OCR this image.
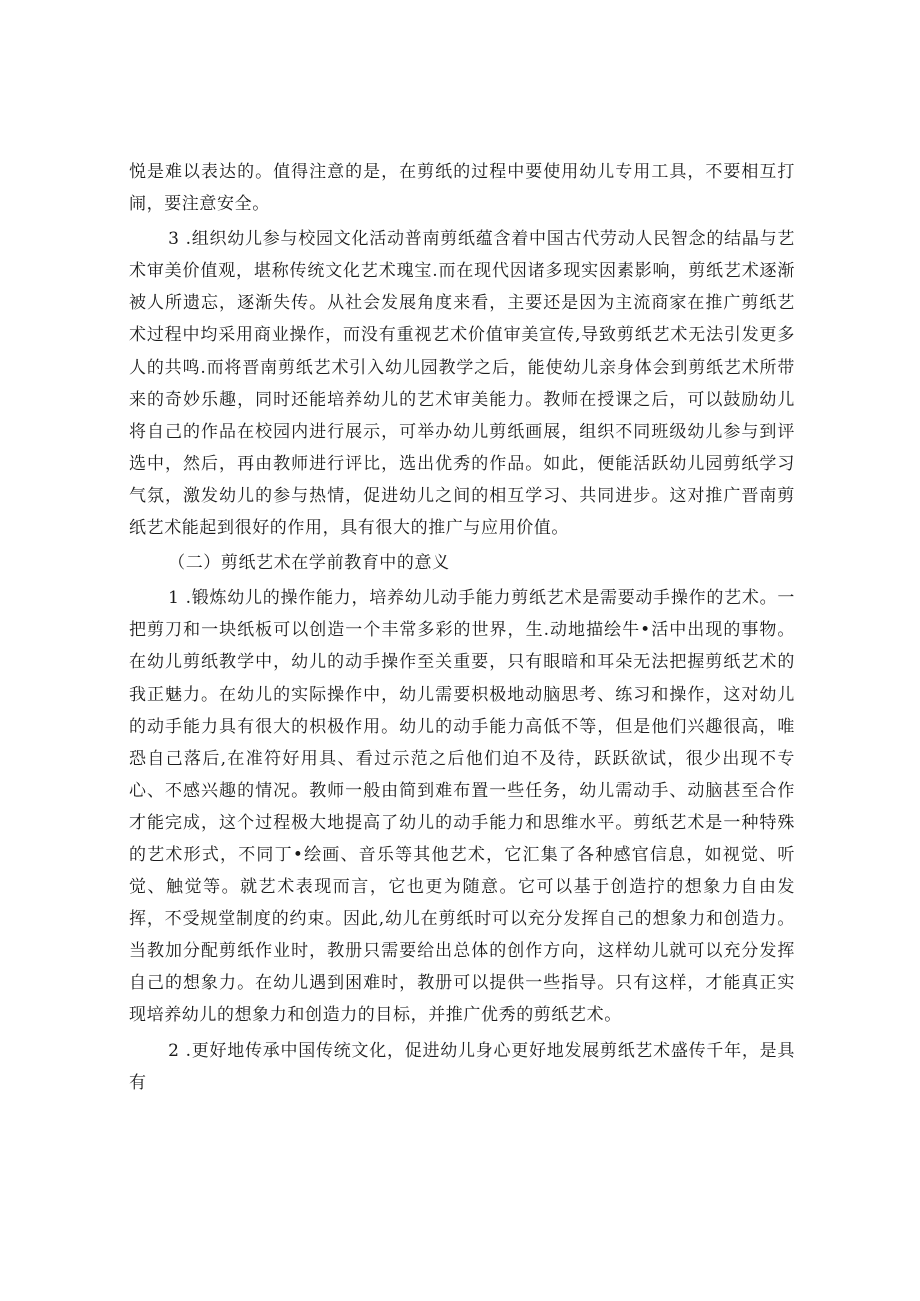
悦是难以表达的。值得注意的是，在剪纸的过程中要使用幼儿专用工具，不要相互打闹，要注意安全。

3 .组织幼儿参与校园文化活动普南剪纸蕴含着中国古代劳动人民智念的结晶与艺术审美价值观，堪称传统文化艺术瑰宝.而在现代因诸多现实因素影响，剪纸艺术逐渐被人所遗忘，逐渐失传。从社会发展角度来看，主要还是因为主流商家在推广剪纸艺术过程中均采用商业操作，而没有重视艺术价值审美宣传,导致剪纸艺术无法引发更多人的共鸣.而将晋南剪纸艺术引入幼儿园教学之后，能使幼儿亲身体会到剪纸艺术所带来的奇妙乐趣，同时还能培养幼儿的艺术审美能力。教师在授课之后，可以鼓励幼儿将自己的作品在校园内进行展示，可举办幼儿剪纸画展，组织不同班级幼儿参与到评选中，然后，再由教师进行评比，选出优秀的作品。如此，便能活跃幼儿园剪纸学习气氛，激发幼儿的参与热情，促进幼儿之间的相互学习、共同进步。这对推广晋南剪纸艺术能起到很好的作用，具有很大的推广与应用价值。

（二）剪纸艺术在学前教育中的意义

1 .锻炼幼儿的操作能力，培养幼儿动手能力剪纸艺术是需要动手操作的艺术。一把剪刀和一块纸板可以创造一个丰常多彩的世界，生.动地描绘牛•活中出现的事物。在幼儿剪纸教学中，幼儿的动手操作至关重要，只有眼暗和耳朵无法把握剪纸艺术的我正魅力。在幼儿的实际操作中，幼儿需要枳极地动脑思考、练习和操作，这对幼儿的动手能力具有很大的枳极作用。幼儿的动手能力高低不等，但是他们兴趣很高，唯恐自己落后,在准符好用具、看过示范之后他们迫不及待，跃跃欲试，很少出现不专心、不感兴趣的情况。教师一般由简到难布置一些任务，幼儿需动手、动脑甚至合作才能完成，这个过程极大地提高了幼儿的动手能力和思维水平。剪纸艺术是一种特殊的艺术形式，不同丁•绘画、音乐等其他艺术，它汇集了各种感官信息，如视觉、听觉、触觉等。就艺术表现而言，它也更为随意。它可以基于创造拧的想象力自由发挥，不受规堂制度的约束。因此,幼儿在剪纸时可以充分发挥自己的想象力和创造力。当教加分配剪纸作业时，教册只需要给出总体的创作方向，这样幼儿就可以充分发挥自己的想象力。在幼儿遇到困难时，教册可以提供一些指导。只有这样，才能真正实现培养幼儿的想象力和创造力的目标，并推广优秀的剪纸艺术。

2 .更好地传承中国传统文化，促进幼儿身心更好地发展剪纸艺术盛传千年，是具有
